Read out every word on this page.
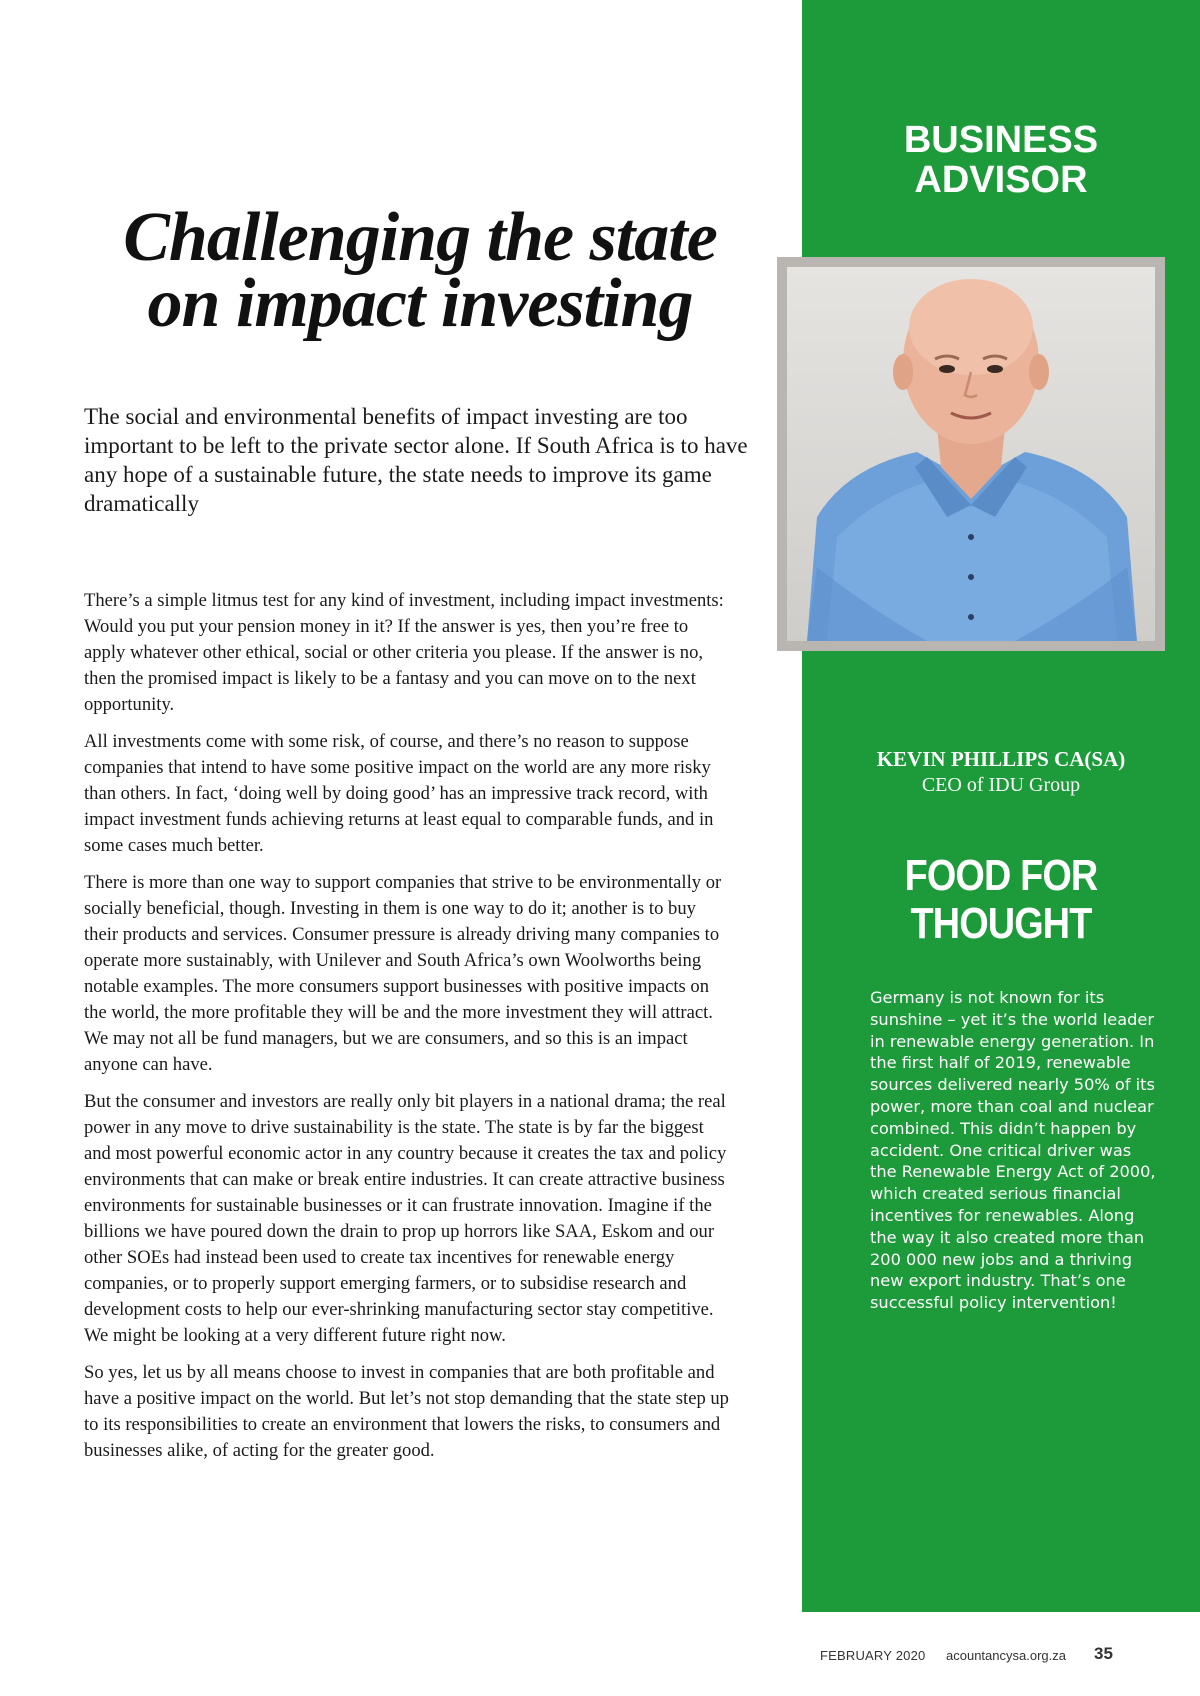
BUSINESS
ADVISOR
KEVIN PHILLIPS CA(SA)
CEO of IDU Group
FOOD FOR
THOUGHT
Germany is not known for its sunshine – yet it’s the world leader in renewable energy generation. In the first half of 2019, renewable sources delivered nearly 50% of its power, more than coal and nuclear combined. This didn’t happen by accident. One critical driver was the Renewable Energy Act of 2000, which created serious financial incentives for renewables. Along the way it also created more than 200 000 new jobs and a thriving new export industry. That’s one successful policy intervention!
Challenging the state
on impact investing
The social and environmental benefits of impact investing are too important to be left to the private sector alone. If South Africa is to have any hope of a sustainable future, the state needs to improve its game dramatically

There’s a simple litmus test for any kind of investment, including impact investments: Would you put your pension money in it? If the answer is yes, then you’re free to apply whatever other ethical, social or other criteria you please. If the answer is no, then the promised impact is likely to be a fantasy and you can move on to the next opportunity.

All investments come with some risk, of course, and there’s no reason to suppose companies that intend to have some positive impact on the world are any more risky than others. In fact, ‘doing well by doing good’ has an impressive track record, with impact investment funds achieving returns at least equal to comparable funds, and in some cases much better.

There is more than one way to support companies that strive to be environmentally or socially beneficial, though. Investing in them is one way to do it; another is to buy their products and services. Consumer pressure is already driving many companies to operate more sustainably, with Unilever and South Africa’s own Woolworths being notable examples. The more consumers support businesses with positive impacts on the world, the more profitable they will be and the more investment they will attract. We may not all be fund managers, but we are consumers, and so this is an impact anyone can have.

But the consumer and investors are really only bit players in a national drama; the real power in any move to drive sustainability is the state. The state is by far the biggest and most powerful economic actor in any country because it creates the tax and policy environments that can make or break entire industries. It can create attractive business environments for sustainable businesses or it can frustrate innovation. Imagine if the billions we have poured down the drain to prop up horrors like SAA, Eskom and our other SOEs had instead been used to create tax incentives for renewable energy companies, or to properly support emerging farmers, or to subsidise research and development costs to help our ever-shrinking manufacturing sector stay competitive. We might be looking at a very different future right now.

So yes, let us by all means choose to invest in companies that are both profitable and have a positive impact on the world. But let’s not stop demanding that the state step up to its responsibilities to create an environment that lowers the risks, to consumers and businesses alike, of acting for the greater good.

FEBRUARY 2020 acountancysa.org.za 35
